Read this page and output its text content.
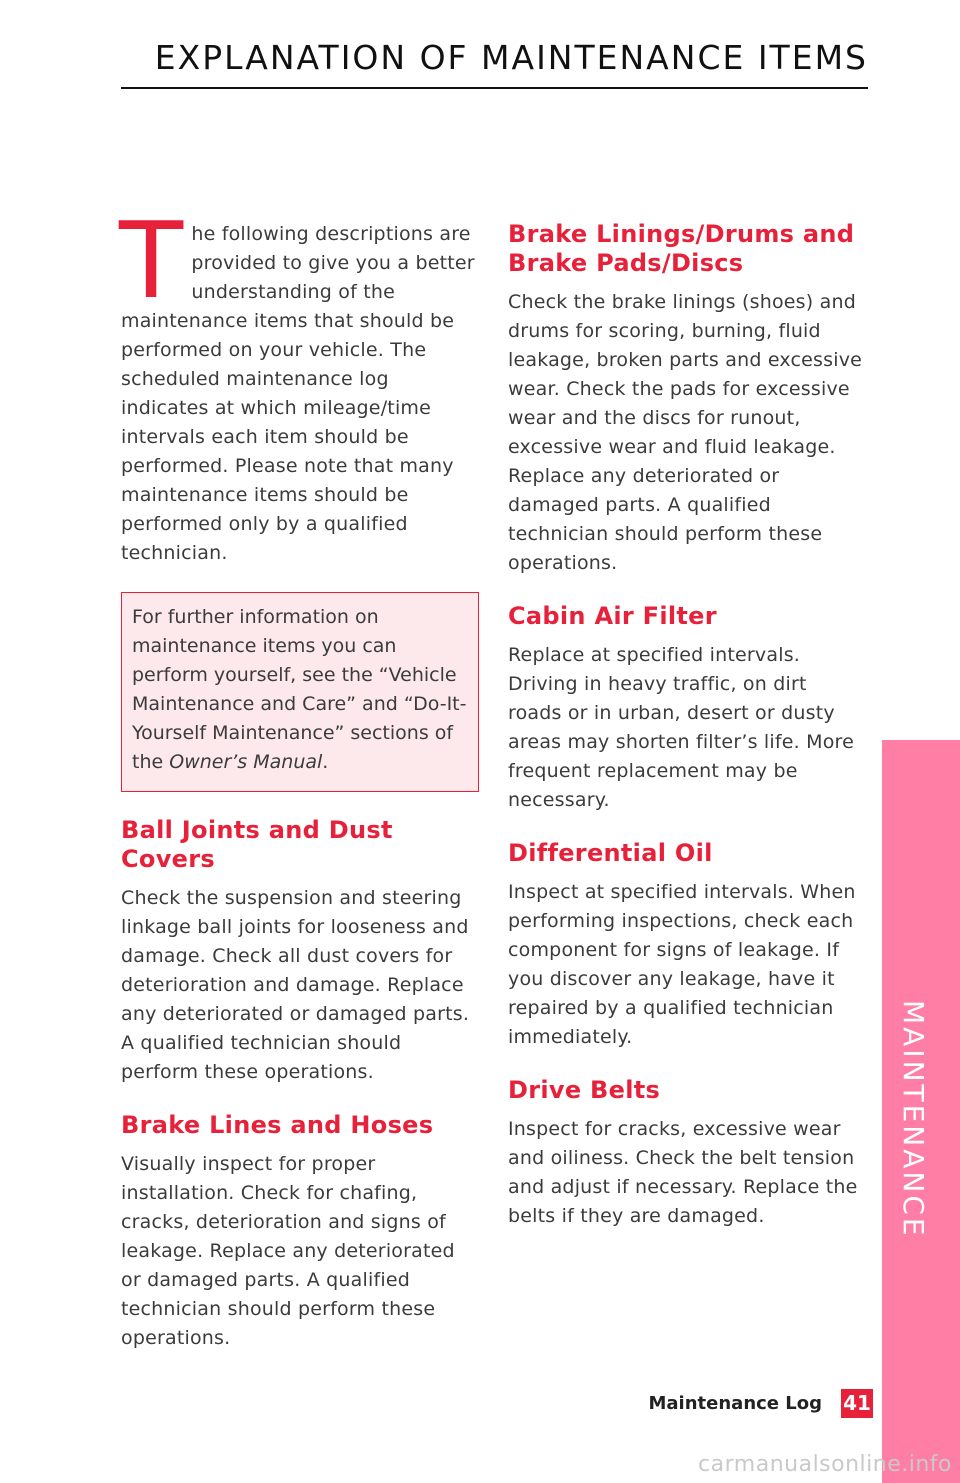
EXPLANATION OF MAINTENANCE ITEMS

The following descriptions are provided to give you a better understanding of the maintenance items that should be performed on your vehicle. The scheduled maintenance log indicates at which mileage/time intervals each item should be performed. Please note that many maintenance items should be performed only by a qualified technician.

For further information on maintenance items you can perform yourself, see the “Vehicle Maintenance and Care” and “Do-It-Yourself Maintenance” sections of the Owner’s Manual.

Ball Joints and Dust Covers

Check the suspension and steering linkage ball joints for looseness and damage. Check all dust covers for deterioration and damage. Replace any deteriorated or damaged parts. A qualified technician should perform these operations.

Brake Lines and Hoses

Visually inspect for proper installation. Check for chafing, cracks, deterioration and signs of leakage. Replace any deteriorated or damaged parts. A qualified technician should perform these operations.

Brake Linings/Drums and Brake Pads/Discs

Check the brake linings (shoes) and drums for scoring, burning, fluid leakage, broken parts and excessive wear. Check the pads for excessive wear and the discs for runout, excessive wear and fluid leakage. Replace any deteriorated or damaged parts. A qualified technician should perform these operations.

Cabin Air Filter

Replace at specified intervals. Driving in heavy traffic, on dirt roads or in urban, desert or dusty areas may shorten filter’s life. More frequent replacement may be necessary.

Differential Oil

Inspect at specified intervals. When performing inspections, check each component for signs of leakage. If you discover any leakage, have it repaired by a qualified technician immediately.

Drive Belts

Inspect for cracks, excessive wear and oiliness. Check the belt tension and adjust if necessary. Replace the belts if they are damaged.	MAINTENANCE
Maintenance Log 41
carmanualsonline.info
